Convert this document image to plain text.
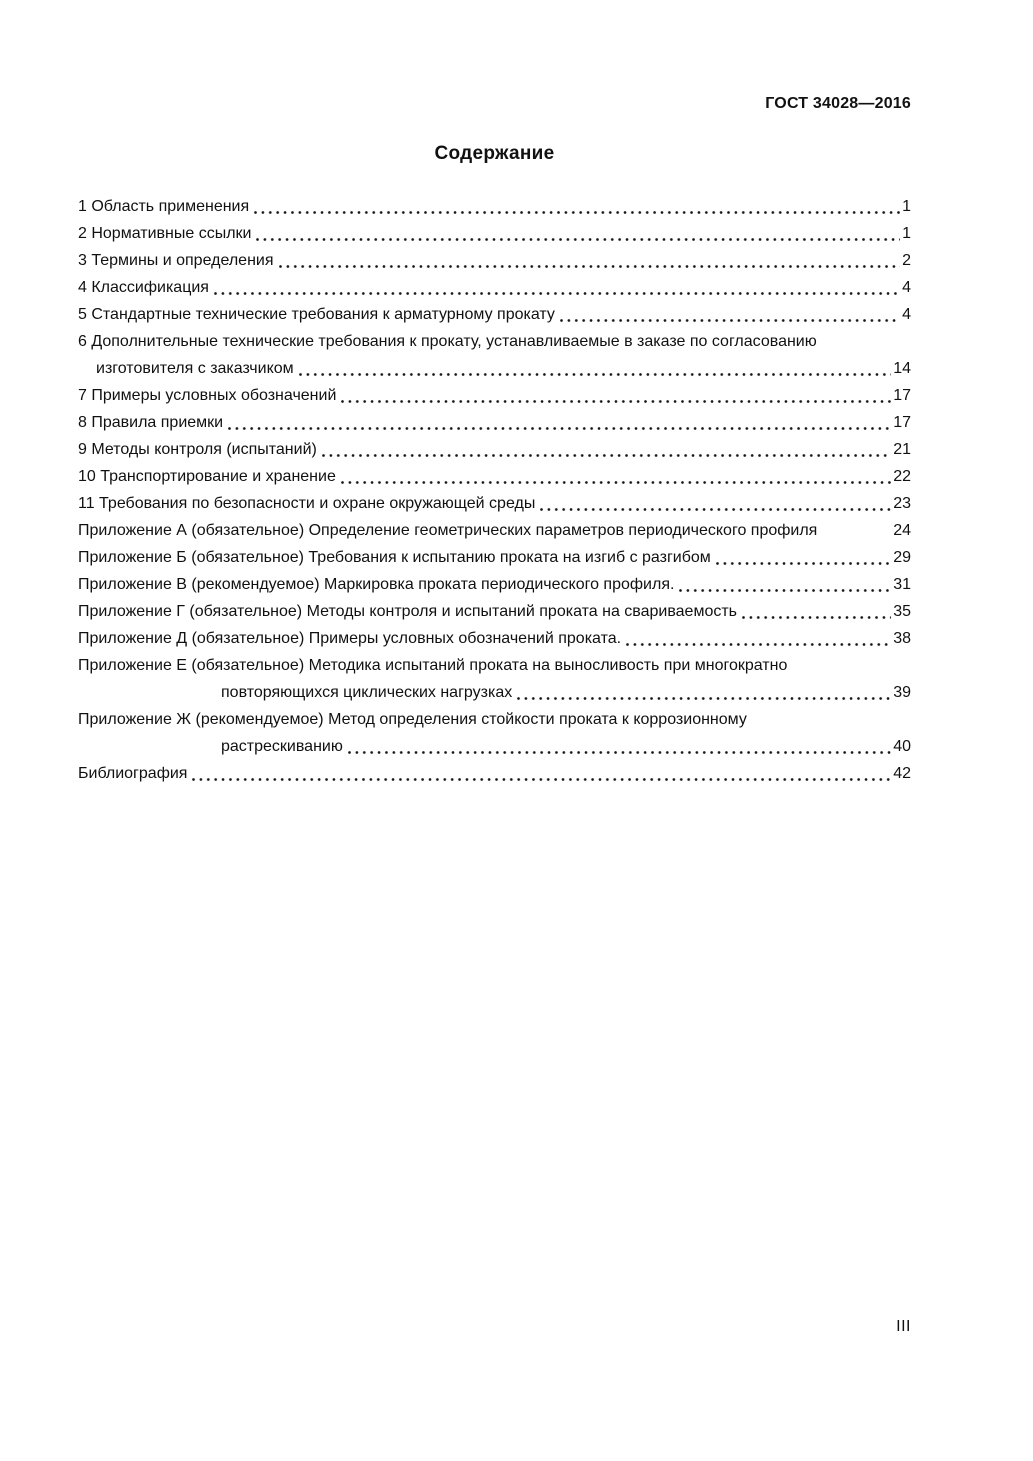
ГОСТ 34028—2016
Содержание
1 Область применения	1
2 Нормативные ссылки	1
3 Термины и определения	2
4 Классификация	4
5 Стандартные технические требования к арматурному прокату	4
6 Дополнительные технические требования к прокату, устанавливаемые в заказе по согласованию
изготовителя с заказчиком	14
7 Примеры условных обозначений	17
8 Правила приемки	17
9 Методы контроля (испытаний)	21
10 Транспортирование и хранение	22
11 Требования по безопасности и охране окружающей среды	23
Приложение А (обязательное) Определение геометрических параметров периодического профиля	24
Приложение Б (обязательное) Требования к испытанию проката на изгиб с разгибом	29
Приложение В (рекомендуемое) Маркировка проката периодического профиля.	31
Приложение Г (обязательное) Методы контроля и испытаний проката на свариваемость	35
Приложение Д (обязательное) Примеры условных обозначений проката.	38
Приложение Е (обязательное) Методика испытаний проката на выносливость при многократно
повторяющихся циклических нагрузках	39
Приложение Ж (рекомендуемое) Метод определения стойкости проката к коррозионному
растрескиванию	40
Библиография	42
III
